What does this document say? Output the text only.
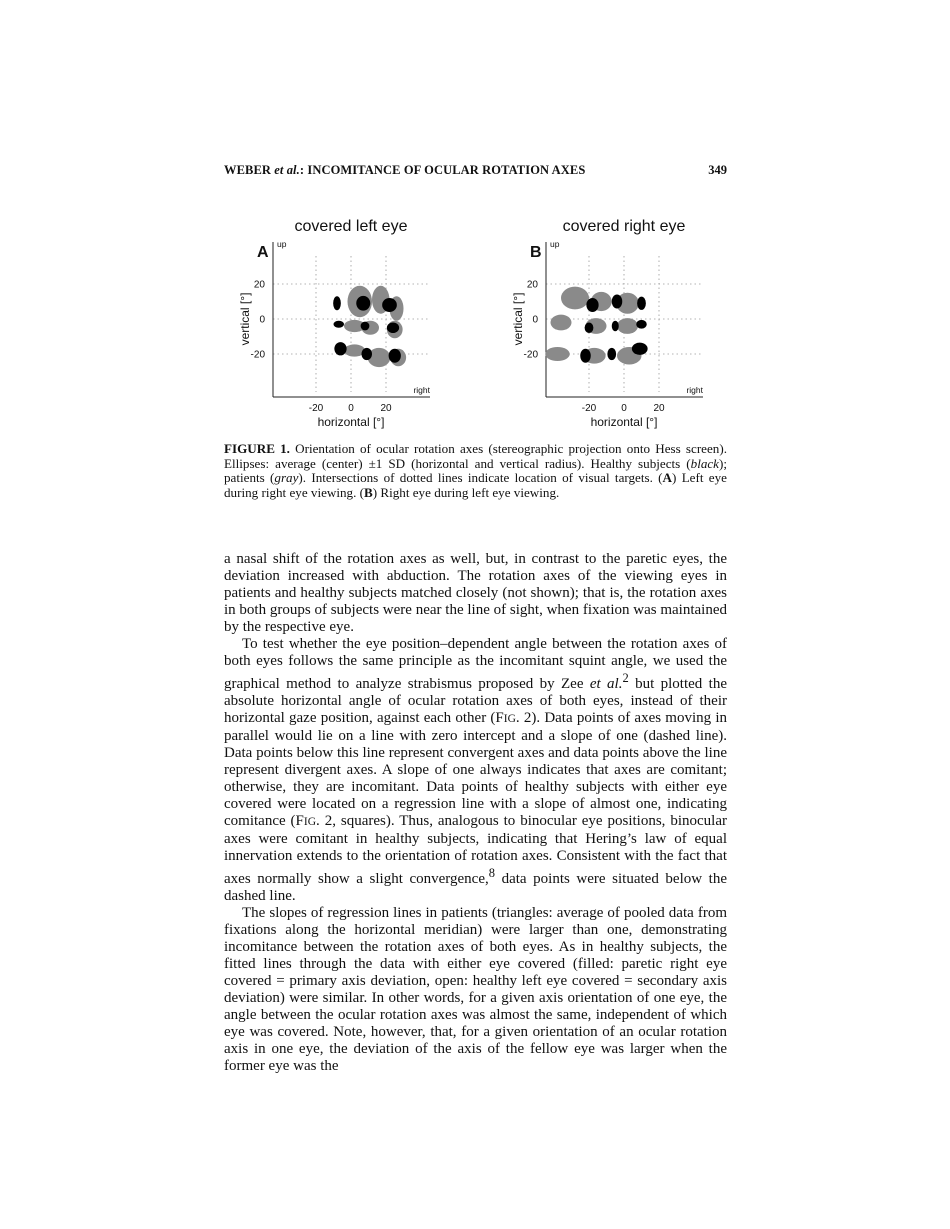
WEBER et al.: INCOMITANCE OF OCULAR ROTATION AXES	349
covered left eye
A up
20
0
-20
-20 0	20
right
horizontal [°]
vertical [°]
covered right eye
B up
20
0
-20
-20 0	20
right
horizontal [°]
vertical [°]
FIGURE 1. Orientation of ocular rotation axes (stereographic projection onto Hess screen). Ellipses: average (center) ±1 SD (horizontal and vertical radius). Healthy subjects (black); patients (gray). Intersections of dotted lines indicate location of visual targets. (A) Left eye during right eye viewing. (B) Right eye during left eye viewing.

a nasal shift of the rotation axes as well, but, in contrast to the paretic eyes, the deviation increased with abduction. The rotation axes of the viewing eyes in patients and healthy subjects matched closely (not shown); that is, the rotation axes in both groups of subjects were near the line of sight, when fixation was maintained by the respective eye.

To test whether the eye position–dependent angle between the rotation axes of both eyes follows the same principle as the incomitant squint angle, we used the graphical method to analyze strabismus proposed by Zee et al.$^2$ but plotted the absolute horizontal angle of ocular rotation axes of both eyes, instead of their horizontal gaze position, against each other (FIG. 2). Data points of axes moving in parallel would lie on a line with zero intercept and a slope of one (dashed line). Data points below this line represent convergent axes and data points above the line represent divergent axes. A slope of one always indicates that axes are comitant; otherwise, they are incomitant. Data points of healthy subjects with either eye covered were located on a regression line with a slope of almost one, indicating comitance (FIG. 2, squares). Thus, analogous to binocular eye positions, binocular axes were comitant in healthy subjects, indicating that Hering’s law of equal innervation extends to the orientation of rotation axes. Consistent with the fact that axes normally show a slight convergence,$^8$ data points were situated below the dashed line.

The slopes of regression lines in patients (triangles: average of pooled data from fixations along the horizontal meridian) were larger than one, demonstrating incomitance between the rotation axes of both eyes. As in healthy subjects, the fitted lines through the data with either eye covered (filled: paretic right eye covered = primary axis deviation, open: healthy left eye covered = secondary axis deviation) were similar. In other words, for a given axis orientation of one eye, the angle between the ocular rotation axes was almost the same, independent of which eye was covered. Note, however, that, for a given orientation of an ocular rotation axis in one eye, the deviation of the axis of the fellow eye was larger when the former eye was the
